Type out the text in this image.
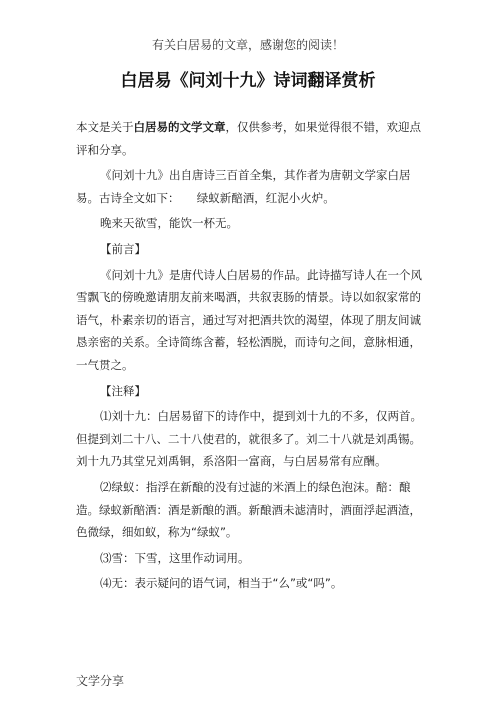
有关白居易的文章，感谢您的阅读！
白居易《问刘十九》诗词翻译赏析

本文是关于白居易的文学文章，仅供参考，如果觉得很不错，欢迎点评和分享。

《问刘十九》出自唐诗三百首全集，其作者为唐朝文学家白居易。古诗全文如下：　　绿蚁新醅酒，红泥小火炉。

晚来天欲雪，能饮一杯无。

【前言】

《问刘十九》是唐代诗人白居易的作品。此诗描写诗人在一个风雪飘飞的傍晚邀请朋友前来喝酒，共叙衷肠的情景。诗以如叙家常的语气，朴素亲切的语言，通过写对把酒共饮的渴望，体现了朋友间诚恳亲密的关系。全诗简练含蓄，轻松洒脱，而诗句之间，意脉相通，一气贯之。

【注释】

⑴刘十九：白居易留下的诗作中，提到刘十九的不多，仅两首。但提到刘二十八、二十八使君的，就很多了。刘二十八就是刘禹锡。刘十九乃其堂兄刘禹铜，系洛阳一富商，与白居易常有应酬。

⑵绿蚁：指浮在新酿的没有过滤的米酒上的绿色泡沫。醅：酿造。绿蚁新醅酒：酒是新酿的酒。新酿酒未滤清时，酒面浮起酒渣，色微绿，细如蚁，称为“绿蚁”。

⑶雪：下雪，这里作动词用。

⑷无：表示疑问的语气词，相当于“么”或“吗”。

文学分享
